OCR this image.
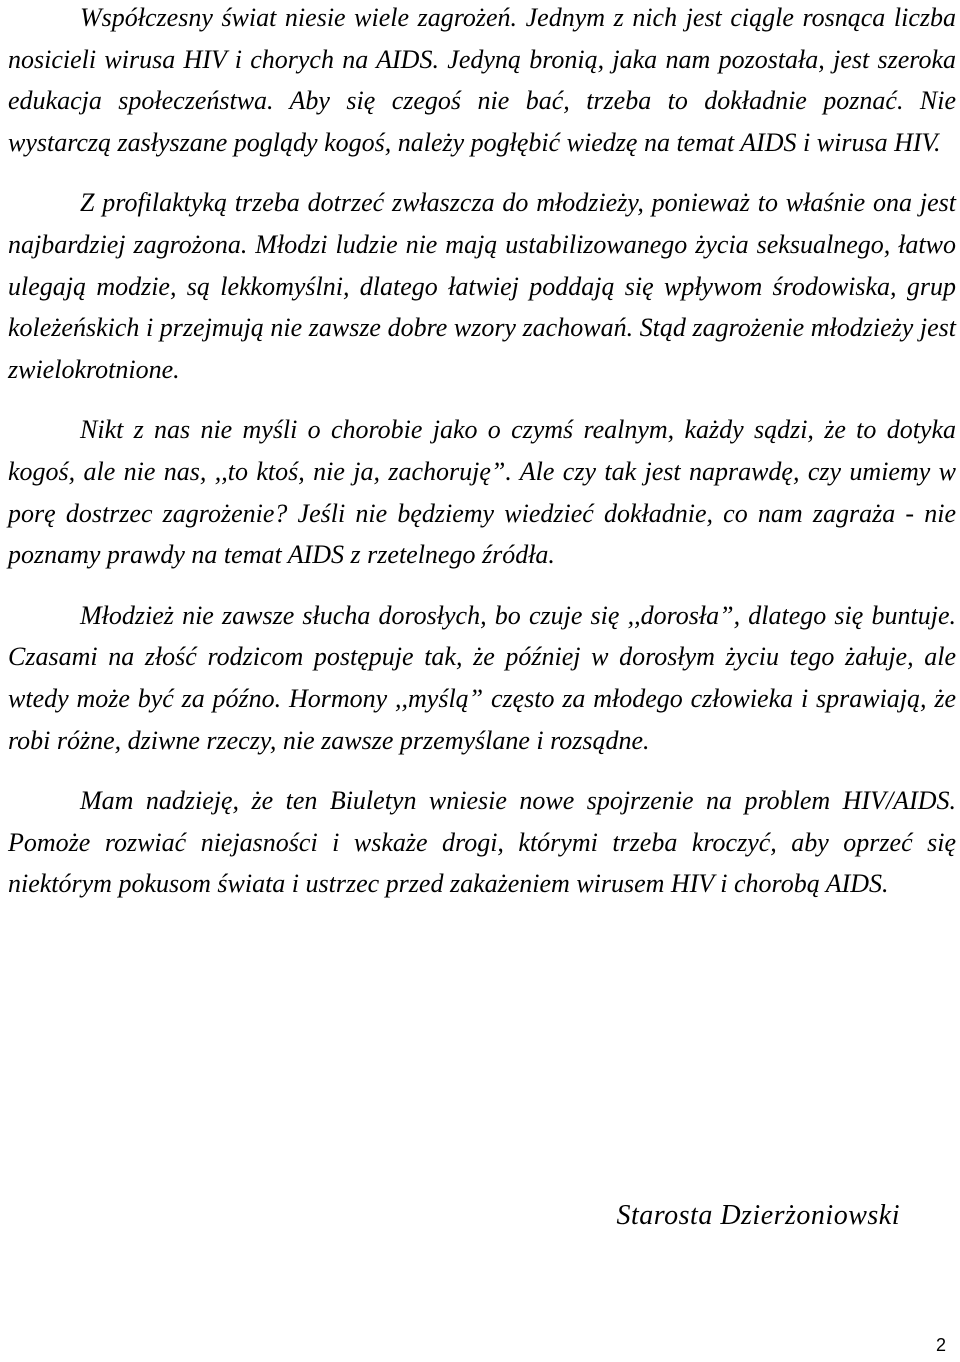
Współczesny świat niesie wiele zagrożeń. Jednym z nich jest ciągle rosnąca liczba nosicieli wirusa HIV i chorych na AIDS. Jedyną bronią, jaka nam pozostała, jest szeroka edukacja społeczeństwa. Aby się czegoś nie bać, trzeba to dokładnie poznać. Nie wystarczą zasłyszane poglądy kogoś, należy pogłębić wiedzę na temat AIDS i wirusa HIV.

Z profilaktyką trzeba dotrzeć zwłaszcza do młodzieży, ponieważ to właśnie ona jest najbardziej zagrożona. Młodzi ludzie nie mają ustabilizowanego życia seksualnego, łatwo ulegają modzie, są lekkomyślni, dlatego łatwiej poddają się wpływom środowiska, grup koleżeńskich i przejmują nie zawsze dobre wzory zachowań. Stąd zagrożenie młodzieży jest zwielokrotnione.

Nikt z nas nie myśli o chorobie jako o czymś realnym, każdy sądzi, że to dotyka kogoś, ale nie nas, ,,to ktoś, nie ja, zachoruję”. Ale czy tak jest naprawdę, czy umiemy w porę dostrzec zagrożenie? Jeśli nie będziemy wiedzieć dokładnie, co nam zagraża - nie poznamy prawdy na temat AIDS z rzetelnego źródła.

Młodzież nie zawsze słucha dorosłych, bo czuje się ,,dorosła”, dlatego się buntuje. Czasami na złość rodzicom postępuje tak, że później w dorosłym życiu tego żałuje, ale wtedy może być za późno. Hormony ,,myślą” często za młodego człowieka i sprawiają, że robi różne, dziwne rzeczy, nie zawsze przemyślane i rozsądne.

Mam nadzieję, że ten Biuletyn wniesie nowe spojrzenie na problem HIV/AIDS. Pomoże rozwiać niejasności i wskaże drogi, którymi trzeba kroczyć, aby oprzeć się niektórym pokusom świata i ustrzec przed zakażeniem wirusem HIV i chorobą AIDS.

Starosta Dzierżoniowski
2
